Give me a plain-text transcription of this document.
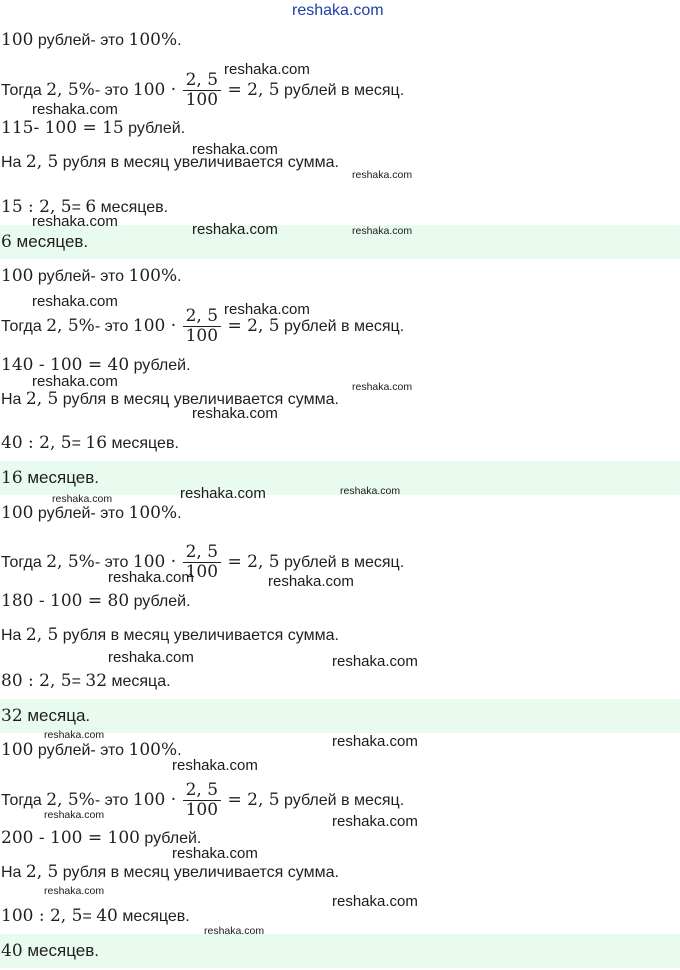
reshaka.com
100 рублей- это 100%.
Тогда 2, 5%- это $100 \cdot \frac{2, 5}{100} = 2$, 5 рублей в месяц.
115- 100 = 15 рублей.
На 2, 5 рубля в месяц увеличивается сумма.
15 : 2, 5= 6 месяцев.
6 месяцев.
100 рублей- это 100%.
Тогда 2, 5%- это $100 \cdot \frac{2, 5}{100} = 2$, 5 рублей в месяц.
140 - 100 = 40 рублей.
На 2, 5 рубля в месяц увеличивается сумма.
40 : 2, 5= 16 месяцев.
16 месяцев.
100 рублей- это 100%.
Тогда 2, 5%- это $100 \cdot \frac{2, 5}{100} = 2$, 5 рублей в месяц.
180 - 100 = 80 рублей.
На 2, 5 рубля в месяц увеличивается сумма.
80 : 2, 5= 32 месяца.
32 месяца.
100 рублей- это 100%.
Тогда 2, 5%- это $100 \cdot \frac{2, 5}{100} = 2$, 5 рублей в месяц.
200 - 100 = 100 рублей.
На 2, 5 рубля в месяц увеличивается сумма.
100 : 2, 5= 40 месяцев.
40 месяцев.
reshaka.com
reshaka.com
reshaka.com
reshaka.com
reshaka.com	reshaka.com	reshaka.com
reshaka.com	reshaka.com
reshaka.com	reshaka.com
reshaka.com
reshaka.com	reshaka.com
reshaka.com
reshaka.com	reshaka.com
reshaka.com	reshaka.com
reshaka.com	reshaka.com
reshaka.com
reshaka.com	reshaka.com
reshaka.com
reshaka.com
reshaka.com
reshaka.com
